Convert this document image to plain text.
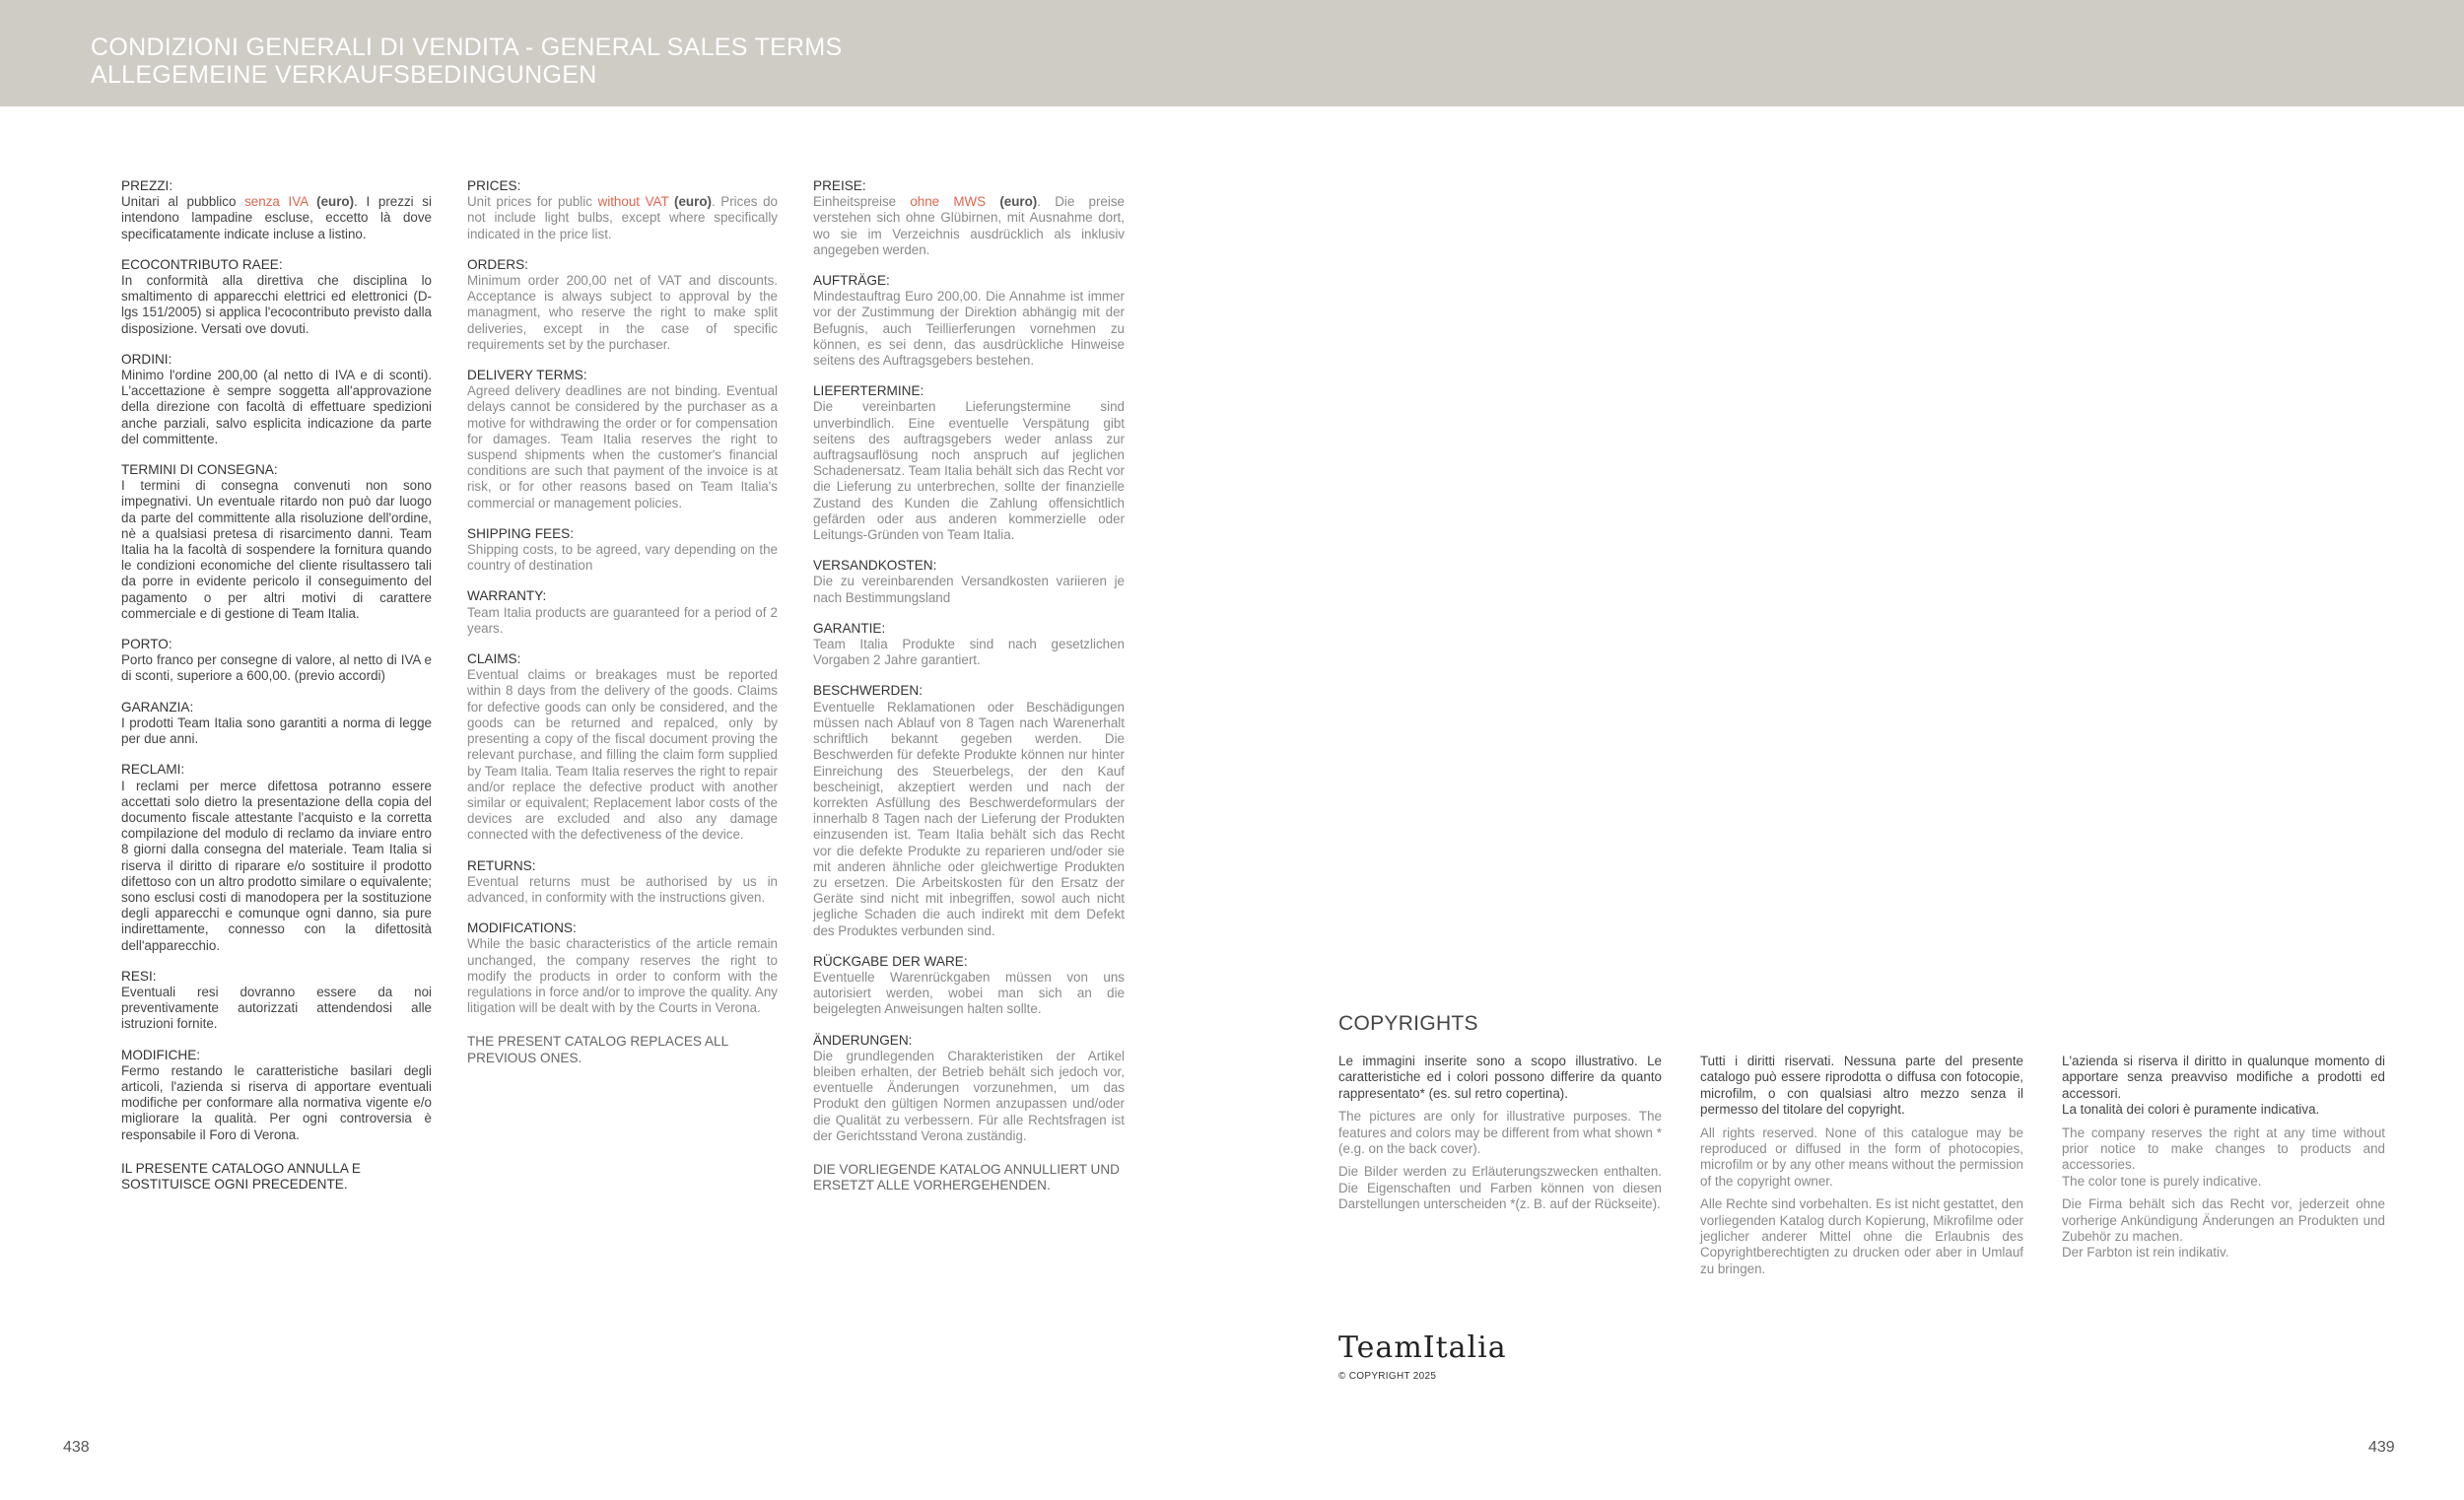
CONDIZIONI GENERALI DI VENDITA - GENERAL SALES TERMS
ALLEGEMEINE VERKAUFSBEDINGUNGEN
PREZZI:

Unitari al pubblico senza IVA (euro). I prezzi si intendono lampadine escluse, eccetto là dove specificatamente indicate incluse a listino.

ECOCONTRIBUTO RAEE:

In conformità alla direttiva che disciplina lo smaltimento di apparecchi elettrici ed elettronici (D-lgs 151/2005) si applica l'ecocontributo previsto dalla disposizione. Versati ove dovuti.

ORDINI:

Minimo l'ordine 200,00 (al netto di IVA e di sconti). L'accettazione è sempre soggetta all'approvazione della direzione con facoltà di effettuare spedizioni anche parziali, salvo esplicita indicazione da parte del committente.

TERMINI DI CONSEGNA:

I termini di consegna convenuti non sono impegnativi. Un eventuale ritardo non può dar luogo da parte del committente alla risoluzione dell'ordine, nè a qualsiasi pretesa di risarcimento danni. Team Italia ha la facoltà di sospendere la fornitura quando le condizioni economiche del cliente risultassero tali da porre in evidente pericolo il conseguimento del pagamento o per altri motivi di carattere commerciale e di gestione di Team Italia.

PORTO:

Porto franco per consegne di valore, al netto di IVA e di sconti, superiore a 600,00. (previo accordi)

GARANZIA:

I prodotti Team Italia sono garantiti a norma di legge per due anni.

RECLAMI:

I reclami per merce difettosa potranno essere accettati solo dietro la presentazione della copia del documento fiscale attestante l'acquisto e la corretta compilazione del modulo di reclamo da inviare entro 8 giorni dalla consegna del materiale. Team Italia si riserva il diritto di riparare e/o sostituire il prodotto difettoso con un altro prodotto similare o equivalente; sono esclusi costi di manodopera per la sostituzione degli apparecchi e comunque ogni danno, sia pure indirettamente, connesso con la difettosità dell'apparecchio.

RESI:

Eventuali resi dovranno essere da noi preventivamente autorizzati attendendosi alle istruzioni fornite.

MODIFICHE:

Fermo restando le caratteristiche basilari degli articoli, l'azienda si riserva di apportare eventuali modifiche per conformare alla normativa vigente e/o migliorare la qualità. Per ogni controversia è responsabile il Foro di Verona.

IL PRESENTE CATALOGO ANNULLA E SOSTITUISCE OGNI PRECEDENTE.
PRICES:

Unit prices for public without VAT (euro). Prices do not include light bulbs, except where specifically indicated in the price list.

ORDERS:

Minimum order 200,00 net of VAT and discounts. Acceptance is always subject to approval by the managment, who reserve the right to make split deliveries, except in the case of specific requirements set by the purchaser.

DELIVERY TERMS:

Agreed delivery deadlines are not binding. Eventual delays cannot be considered by the purchaser as a motive for withdrawing the order or for compensation for damages. Team Italia reserves the right to suspend shipments when the customer's financial conditions are such that payment of the invoice is at risk, or for other reasons based on Team Italia's commercial or management policies.

SHIPPING FEES:

Shipping costs, to be agreed, vary depending on the country of destination

WARRANTY:

Team Italia products are guaranteed for a period of 2 years.

CLAIMS:

Eventual claims or breakages must be reported within 8 days from the delivery of the goods. Claims for defective goods can only be considered, and the goods can be returned and repalced, only by presenting a copy of the fiscal document proving the relevant purchase, and filling the claim form supplied by Team Italia. Team Italia reserves the right to repair and/or replace the defective product with another similar or equivalent; Replacement labor costs of the devices are excluded and also any damage connected with the defectiveness of the device.

RETURNS:

Eventual returns must be authorised by us in advanced, in conformity with the instructions given.

MODIFICATIONS:

While the basic characteristics of the article remain unchanged, the company reserves the right to modify the products in order to conform with the regulations in force and/or to improve the quality. Any litigation will be dealt with by the Courts in Verona.

THE PRESENT CATALOG REPLACES ALL PREVIOUS ONES.
PREISE:

Einheitspreise ohne MWS (euro). Die preise verstehen sich ohne Glübirnen, mit Ausnahme dort, wo sie im Verzeichnis ausdrücklich als inklusiv angegeben werden.

AUFTRÄGE:

Mindestauftrag Euro 200,00. Die Annahme ist immer vor der Zustimmung der Direktion abhängig mit der Befugnis, auch Teillierferungen vornehmen zu können, es sei denn, das ausdrückliche Hinweise seitens des Auftragsgebers bestehen.

LIEFERTERMINE:

Die vereinbarten Lieferungstermine sind unverbindlich. Eine eventuelle Verspätung gibt seitens des auftragsgebers weder anlass zur auftragsauflösung noch anspruch auf jeglichen Schadenersatz. Team Italia behält sich das Recht vor die Lieferung zu unterbrechen, sollte der finanzielle Zustand des Kunden die Zahlung offensichtlich gefärden oder aus anderen kommerzielle oder Leitungs-Gründen von Team Italia.

VERSANDKOSTEN:

Die zu vereinbarenden Versandkosten variieren je nach Bestimmungsland

GARANTIE:

Team Italia Produkte sind nach gesetzlichen Vorgaben 2 Jahre garantiert.

BESCHWERDEN:

Eventuelle Reklamationen oder Beschädigungen müssen nach Ablauf von 8 Tagen nach Warenerhalt schriftlich bekannt gegeben werden. Die Beschwerden für defekte Produkte können nur hinter Einreichung des Steuerbelegs, der den Kauf bescheinigt, akzeptiert werden und nach der korrekten Asfüllung des Beschwerdeformulars der innerhalb 8 Tagen nach der Lieferung der Produkten einzusenden ist. Team Italia behält sich das Recht vor die defekte Produkte zu reparieren und/oder sie mit anderen ähnliche oder gleichwertige Produkten zu ersetzen. Die Arbeitskosten für den Ersatz der Geräte sind nicht mit inbegriffen, sowol auch nicht jegliche Schaden die auch indirekt mit dem Defekt des Produktes verbunden sind.

RÜCKGABE DER WARE:

Eventuelle Warenrückgaben müssen von uns autorisiert werden, wobei man sich an die beigelegten Anweisungen halten sollte.

ÄNDERUNGEN:

Die grundlegenden Charakteristiken der Artikel bleiben erhalten, der Betrieb behält sich jedoch vor, eventuelle Änderungen vorzunehmen, um das Produkt den gültigen Normen anzupassen und/oder die Qualität zu verbessern. Für alle Rechtsfragen ist der Gerichtsstand Verona zuständig.

DIE VORLIEGENDE KATALOG ANNULLIERT UND ERSETZT ALLE VORHERGEHENDEN.
COPYRIGHTS

Le immagini inserite sono a scopo illustrativo. Le caratteristiche ed i colori possono differire da quanto rappresentato* (es. sul retro copertina).

The pictures are only for illustrative purposes. The features and colors may be different from what shown *(e.g. on the back cover).

Die Bilder werden zu Erläuterungszwecken enthalten. Die Eigenschaften und Farben können von diesen Darstellungen unterscheiden *(z. B. auf der Rückseite).

Tutti i diritti riservati. Nessuna parte del presente catalogo può essere riprodotta o diffusa con fotocopie, microfilm, o con qualsiasi altro mezzo senza il permesso del titolare del copyright.

All rights reserved. None of this catalogue may be reproduced or diffused in the form of photocopies, microfilm or by any other means without the permission of the copyright owner.

Alle Rechte sind vorbehalten. Es ist nicht gestattet, den vorliegenden Katalog durch Kopierung, Mikrofilme oder jeglicher anderer Mittel ohne die Erlaubnis des Copyrightberechtigten zu drucken oder aber in Umlauf zu bringen.

L'azienda si riserva il diritto in qualunque momento di apportare senza preavviso modifiche a prodotti ed accessori.

La tonalità dei colori è puramente indicativa.

The company reserves the right at any time without prior notice to make changes to products and accessories.

The color tone is purely indicative.

Die Firma behält sich das Recht vor, jederzeit ohne vorherige Ankündigung Änderungen an Produkten und Zubehör zu machen.

Der Farbton ist rein indikativ.

TeamItalia
© COPYRIGHT 2025
438	439
